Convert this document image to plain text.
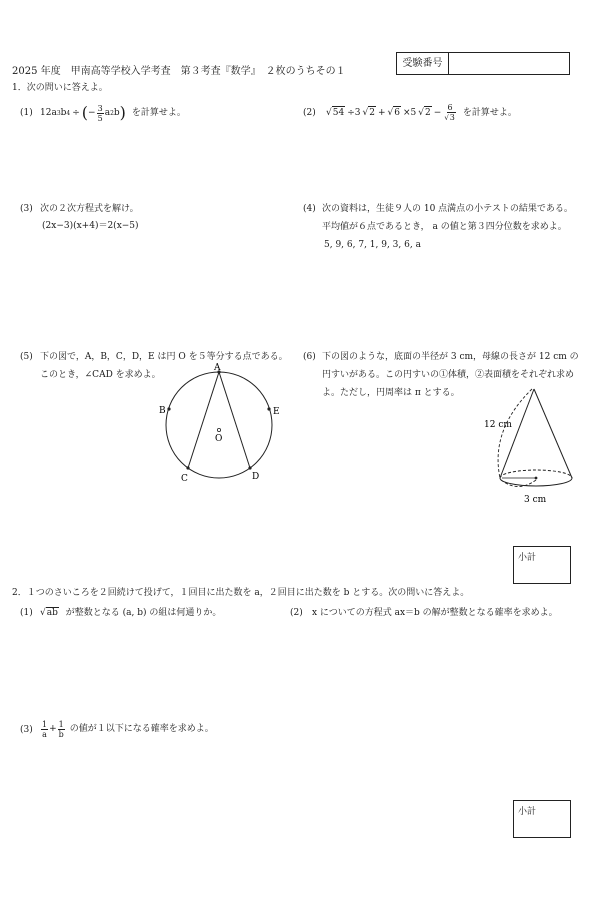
2025 年度　甲南高等学校入学考査　第３考査『数学』　２枚のうちその１
受験番号
1．次の問いに答えよ。
(1) 12a 3 b 4 ÷ ( − $\frac{3}{5}$ a 2 b ) を計算せよ。	(2) √ 54 ÷3 √ 2 + √ 6 ×5 √ $2 - \frac{6}{√3}$ を計算せよ。
(3) 次の２次方程式を解け。
(2x−3)(x+4)＝2(x−5)
(4) 次の資料は，生徒９人の 10 点満点の小テストの結果である。
平均値が６点であるとき， a の値と第３四分位数を求めよ。
5, 9, 6, 7, 1, 9, 3, 6, a
(5) 下の図で，A，B，C，D，E は円 O を５等分する点である。
このとき，∠CAD を求めよ。
A
B
C	D
E
O
(6) 下の図のような，底面の半径が 3 cm，母線の長さが 12 cm の
円すいがある。この円すいの①体積，②表面積をそれぞれ求め
よ。ただし，円周率は π とする。
12 cm
3 cm
小計
2．１つのさいころを２回続けて投げて，１回目に出た数を a，２回目に出た数を b とする。次の問いに答えよ。
(1) √ab が整数となる (a, b) の組は何通りか。	(2) x についての方程式 ax＝b の解が整数となる確率を求めよ。
$(3) \frac{1}{a} + \frac{1}{b}$ の値が１以下になる確率を求めよ。
小計
